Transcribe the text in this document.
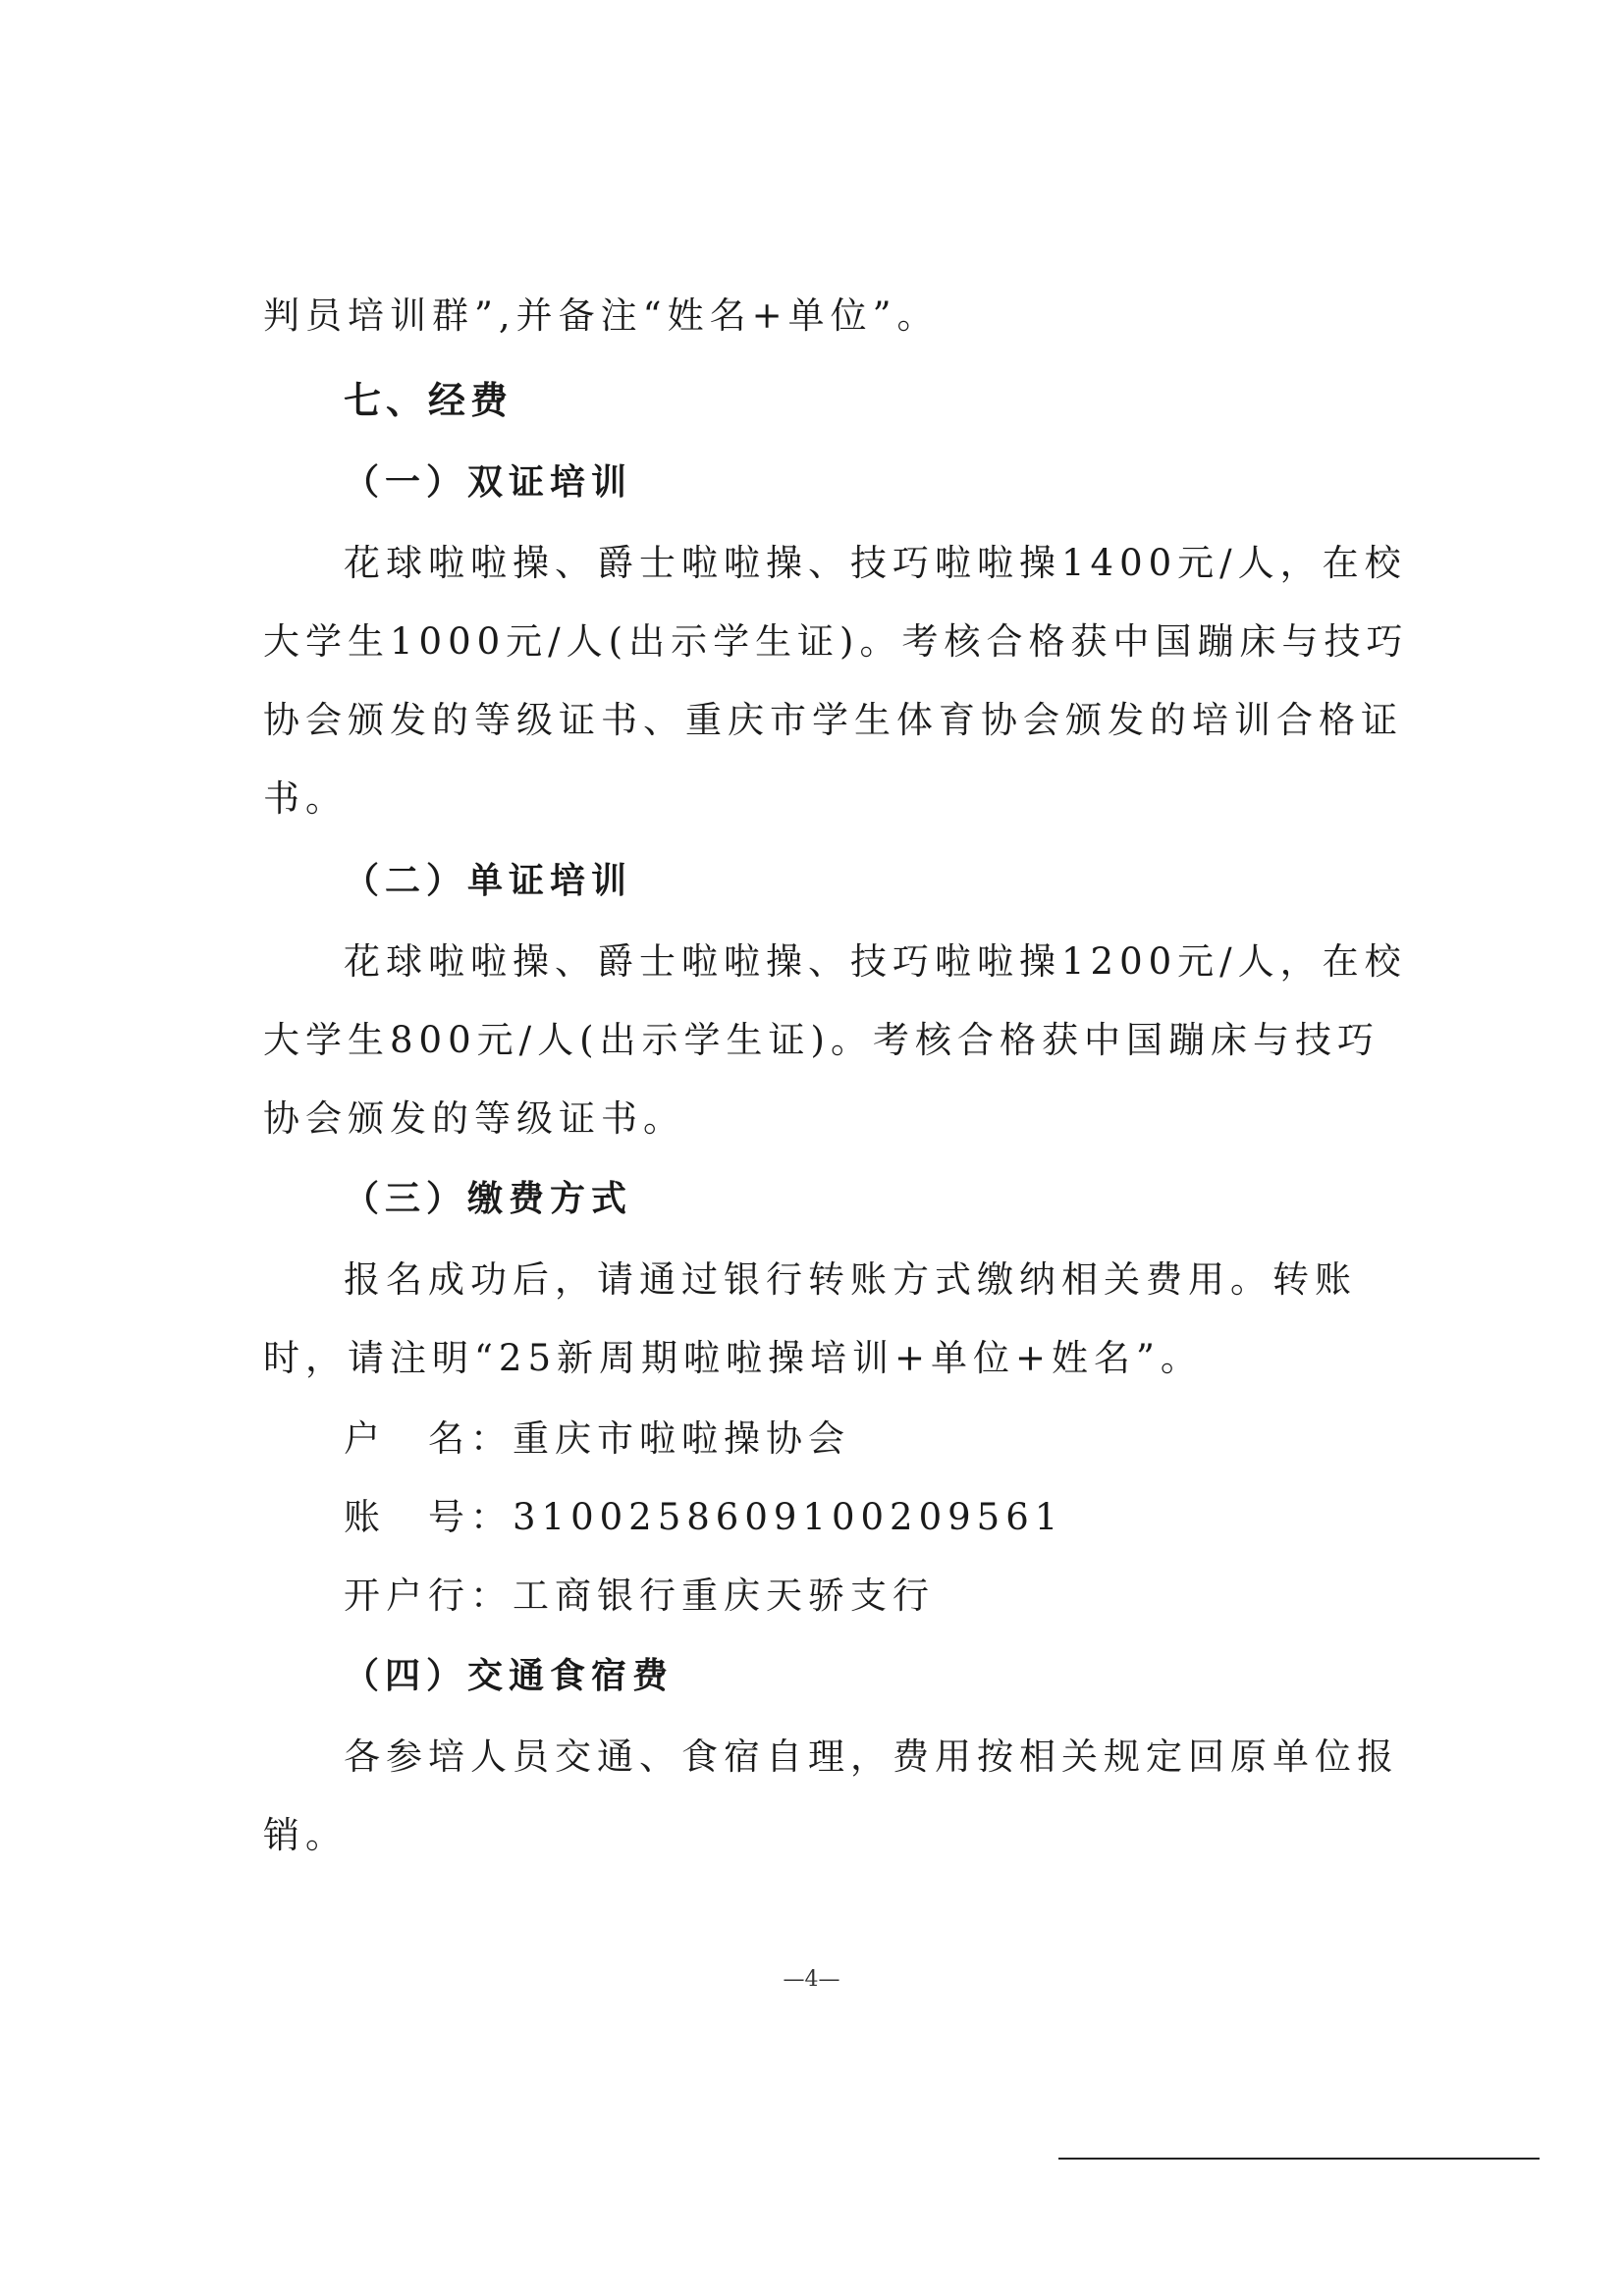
判员培训群”,并备注“姓名+单位”。
七、经费
（一）双证培训
花球啦啦操、爵士啦啦操、技巧啦啦操1400元/人，在校
大学生1000元/人(出示学生证)。考核合格获中国蹦床与技巧
协会颁发的等级证书、重庆市学生体育协会颁发的培训合格证
书。
（二）单证培训
花球啦啦操、爵士啦啦操、技巧啦啦操1200元/人，在校
大学生800元/人(出示学生证)。考核合格获中国蹦床与技巧
协会颁发的等级证书。
（三）缴费方式
报名成功后，请通过银行转账方式缴纳相关费用。转账
时，请注明“25新周期啦啦操培训+单位+姓名”。
户　名：重庆市啦啦操协会
账　号：3100258609100209561
开户行：工商银行重庆天骄支行
（四）交通食宿费
各参培人员交通、食宿自理，费用按相关规定回原单位报
销。
—4—
